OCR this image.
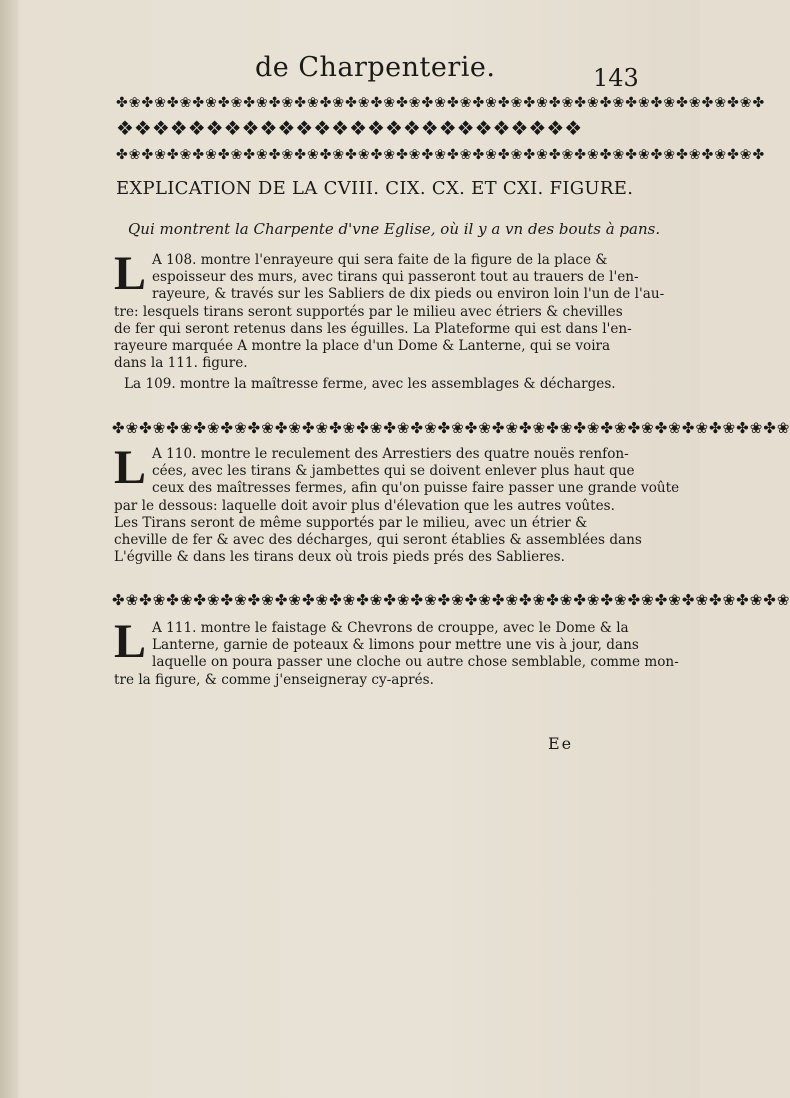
de Charpenterie.	143
✤❀✤❀✤❀✤❀✤❀✤❀✤❀✤❀✤❀✤❀✤❀✤❀✤❀✤❀✤❀✤❀✤❀✤❀✤❀✤❀✤❀✤❀✤❀✤❀✤❀✤
❖❖❖❖❖❖❖❖❖❖❖❖❖❖❖❖❖❖❖❖❖❖❖❖❖❖
✤❀✤❀✤❀✤❀✤❀✤❀✤❀✤❀✤❀✤❀✤❀✤❀✤❀✤❀✤❀✤❀✤❀✤❀✤❀✤❀✤❀✤❀✤❀✤❀✤❀✤
EXPLICATION DE LA CVIII. CIX. CX. ET CXI. FIGURE.
Qui montrent la Charpente d'vne Eglise, où il y a vn des bouts à pans.
L A 108. montre l'enrayeure qui sera faite de la figure de la place &
espoisseur des murs, avec tirans qui passeront tout au trauers de l'en-
rayeure, & través sur les Sabliers de dix pieds ou environ loin l'un de l'au-
tre: lesquels tirans seront supportés par le milieu avec étriers & chevilles
de fer qui seront retenus dans les éguilles. La Plateforme qui est dans l'en-
rayeure marquée A montre la place d'un Dome & Lanterne, qui se voira
dans la 111. figure.
La 109. montre la maîtresse ferme, avec les assemblages & décharges.
✤❀✤❀✤❀✤❀✤❀✤❀✤❀✤❀✤❀✤❀✤❀✤❀✤❀✤❀✤❀✤❀✤❀✤❀✤❀✤❀✤❀✤❀✤❀✤❀✤❀
L A 110. montre le reculement des Arrestiers des quatre nouës renfon-
cées, avec les tirans & jambettes qui se doivent enlever plus haut que
ceux des maîtresses fermes, afin qu'on puisse faire passer une grande voûte
par le dessous: laquelle doit avoir plus d'élevation que les autres voûtes.
Les Tirans seront de même supportés par le milieu, avec un étrier &
cheville de fer & avec des décharges, qui seront établies & assemblées dans
L'égville & dans les tirans deux où trois pieds prés des Sablieres.
✤❀✤❀✤❀✤❀✤❀✤❀✤❀✤❀✤❀✤❀✤❀✤❀✤❀✤❀✤❀✤❀✤❀✤❀✤❀✤❀✤❀✤❀✤❀✤❀✤❀
L A 111. montre le faistage & Chevrons de crouppe, avec le Dome & la
Lanterne, garnie de poteaux & limons pour mettre une vis à jour, dans
laquelle on poura passer une cloche ou autre chose semblable, comme mon-
tre la figure, & comme j'enseigneray cy-aprés.
Ee
